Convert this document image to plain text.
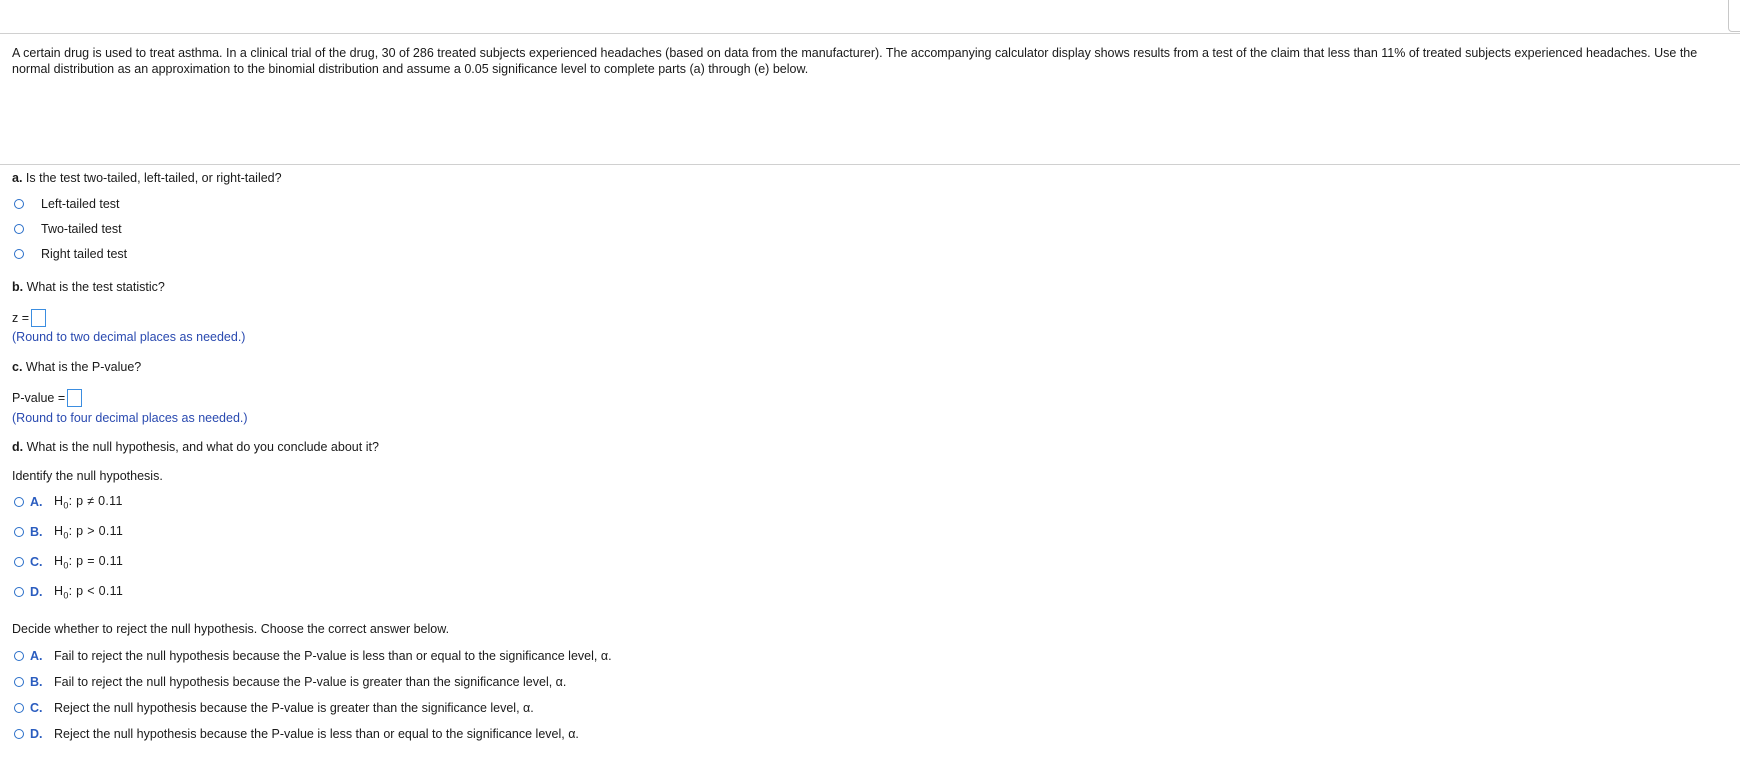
A certain drug is used to treat asthma. In a clinical trial of the drug, 30 of 286 treated subjects experienced headaches (based on data from the manufacturer). The accompanying calculator display shows results from a test of the claim that less than 11% of treated subjects experienced headaches. Use the normal distribution as an approximation to the binomial distribution and assume a 0.05 significance level to complete parts (a) through (e) below.
a. Is the test two-tailed, left-tailed, or right-tailed?
Left-tailed test
Two-tailed test
Right tailed test
b. What is the test statistic?
z =
(Round to two decimal places as needed.)
c. What is the P-value?
P-value =
(Round to four decimal places as needed.)
d. What is the null hypothesis, and what do you conclude about it?
Identify the null hypothesis.
A. $H_0$: p ≠ 0.11
B. $H_0$: p > 0.11
C. $H_0$: p = 0.11
D. $H_0$: p < 0.11
Decide whether to reject the null hypothesis. Choose the correct answer below.
A. Fail to reject the null hypothesis because the P-value is less than or equal to the significance level, α.
B. Fail to reject the null hypothesis because the P-value is greater than the significance level, α.
C. Reject the null hypothesis because the P-value is greater than the significance level, α.
D. Reject the null hypothesis because the P-value is less than or equal to the significance level, α.
